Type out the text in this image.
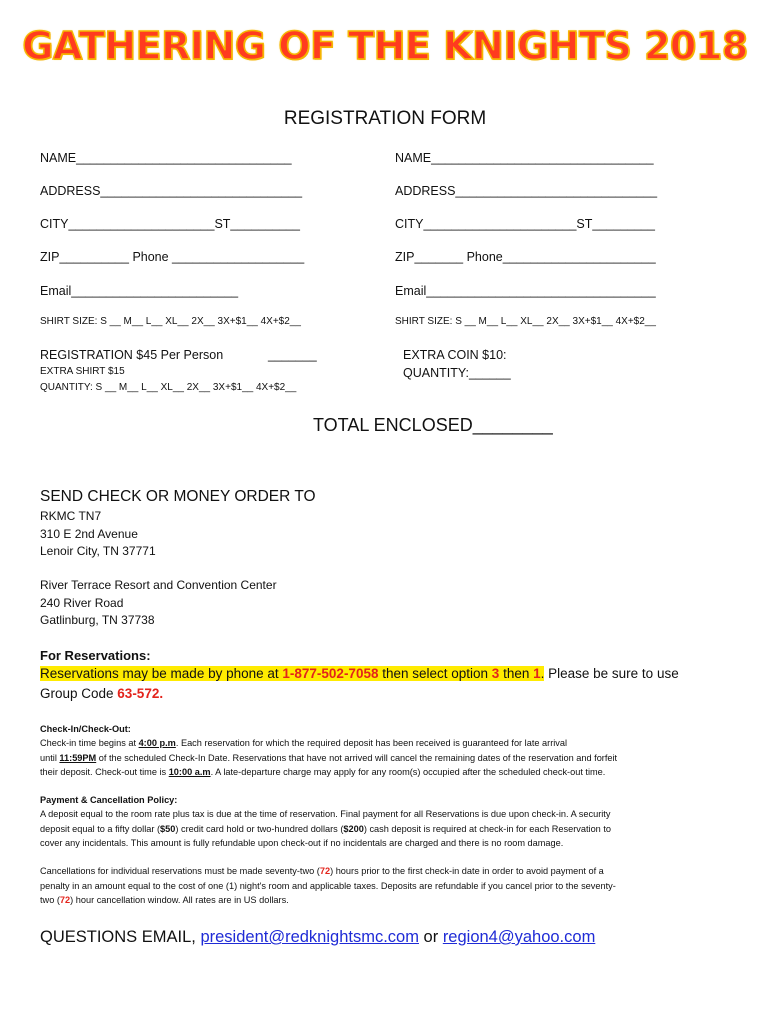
GATHERING OF THE KNIGHTS 2018
REGISTRATION FORM
NAME_______________________________
ADDRESS_____________________________
CITY_____________________ST__________
ZIP__________ Phone ___________________
Email________________________
SHIRT SIZE: S __ M__ L__ XL__ 2X__ 3X+$1__ 4X+$2__
NAME________________________________
ADDRESS_____________________________
CITY______________________ST_________
ZIP_______ Phone______________________
Email_________________________________
SHIRT SIZE: S __ M__ L__ XL__ 2X__ 3X+$1__ 4X+$2__
REGISTRATION $45 Per Person	_______
EXTRA SHIRT $15
QUANTITY: S __ M__ L__ XL__ 2X__ 3X+$1__ 4X+$2__
EXTRA COIN $10:
QUANTITY:______
TOTAL ENCLOSED________
SEND CHECK OR MONEY ORDER TO
RKMC TN7
310 E 2nd Avenue
Lenoir City, TN 37771
River Terrace Resort and Convention Center
240 River Road
Gatlinburg, TN 37738
For Reservations:
Reservations may be made by phone at 1-877-502-7058 then select option 3 then 1. Please be sure to use
Group Code 63-572.
Check-In/Check-Out:
Check-in time begins at 4:00 p.m. Each reservation for which the required deposit has been received is guaranteed for late arrival
until 11:59PM of the scheduled Check-In Date. Reservations that have not arrived will cancel the remaining dates of the reservation and forfeit
their deposit. Check-out time is 10:00 a.m. A late-departure charge may apply for any room(s) occupied after the scheduled check-out time.
Payment & Cancellation Policy:
A deposit equal to the room rate plus tax is due at the time of reservation. Final payment for all Reservations is due upon check-in. A security
deposit equal to a fifty dollar ($50) credit card hold or two-hundred dollars ($200) cash deposit is required at check-in for each Reservation to
cover any incidentals. This amount is fully refundable upon check-out if no incidentals are charged and there is no room damage.
Cancellations for individual reservations must be made seventy-two (72) hours prior to the first check-in date in order to avoid payment of a
penalty in an amount equal to the cost of one (1) night's room and applicable taxes. Deposits are refundable if you cancel prior to the seventy-
two (72) hour cancellation window. All rates are in US dollars.
QUESTIONS EMAIL, president@redknightsmc.com or region4@yahoo.com
